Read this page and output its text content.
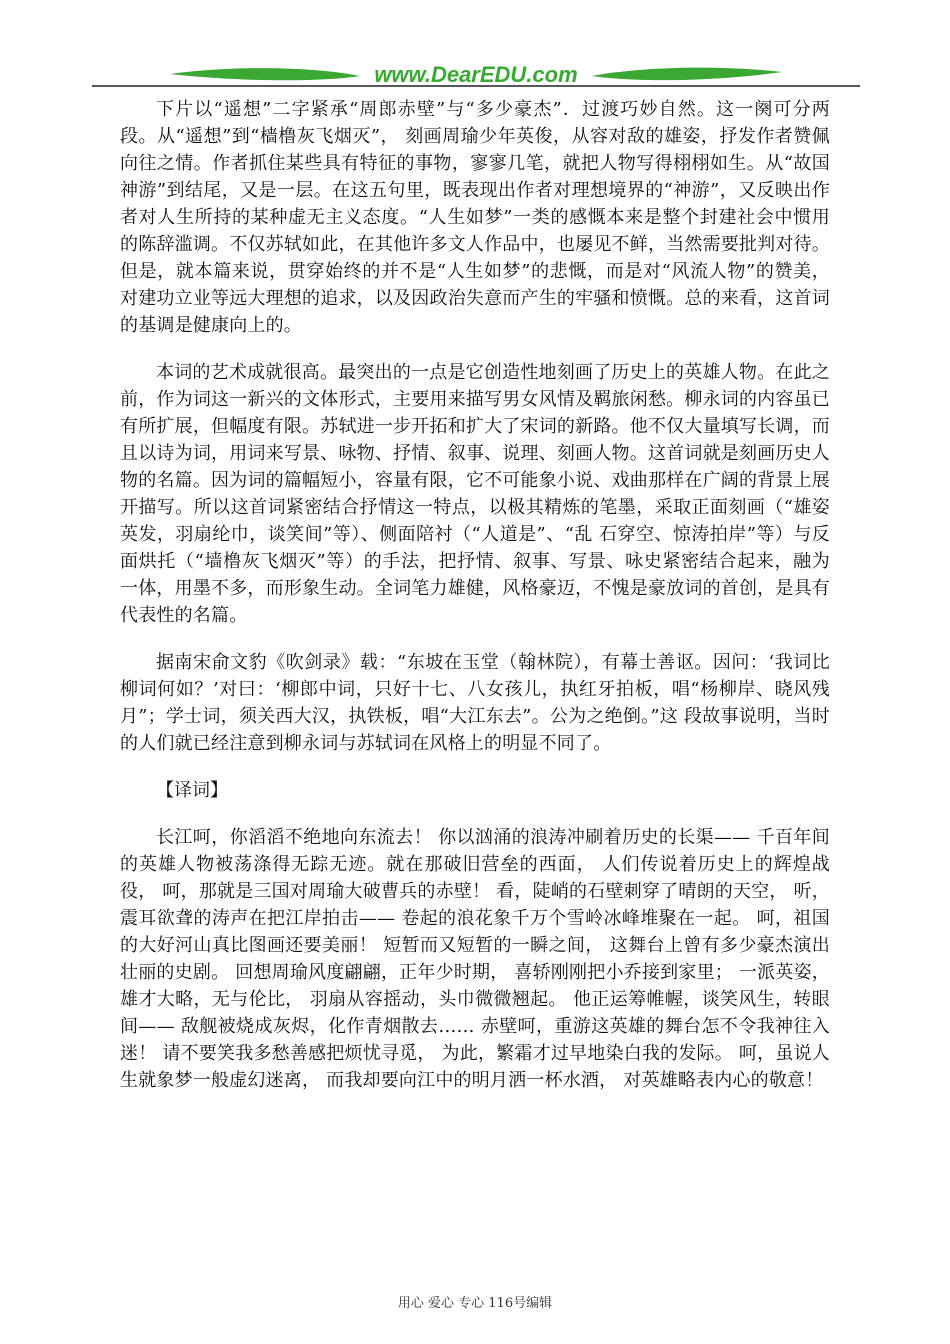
www.DearEDU.com

下片以“遥想”二字紧承“周郎赤壁”与“多少豪杰”．过渡巧妙自然。这一阕可分两段。从“遥想”到“樯橹灰飞烟灭”， 刻画周瑜少年英俊，从容对敌的雄姿，抒发作者赞佩向往之情。作者抓住某些具有特征的事物，寥寥几笔，就把人物写得栩栩如生。从“故国神游”到结尾，又是一层。在这五句里，既表现出作者对理想境界的“神游”，又反映出作者对人生所持的某种虚无主义态度。“人生如梦”一类的感慨本来是整个封建社会中惯用的陈辞滥调。不仅苏轼如此，在其他许多文人作品中，也屡见不鲜，当然需要批判对待。但是，就本篇来说，贯穿始终的并不是“人生如梦”的悲慨，而是对“风流人物”的赞美，对建功立业等远大理想的追求，以及因政治失意而产生的牢骚和愤慨。总的来看，这首词的基调是健康向上的。

本词的艺术成就很高。最突出的一点是它创造性地刻画了历史上的英雄人物。在此之前，作为词这一新兴的文体形式，主要用来描写男女风情及羁旅闲愁。柳永词的内容虽已有所扩展，但幅度有限。苏轼进一步开拓和扩大了宋词的新路。他不仅大量填写长调，而且以诗为词，用词来写景、咏物、抒情、叙事、说理、刻画人物。这首词就是刻画历史人物的名篇。因为词的篇幅短小，容量有限，它不可能象小说、戏曲那样在广阔的背景上展开描写。所以这首词紧密结合抒情这一特点，以极其精炼的笔墨，采取正面刻画（“雄姿英发，羽扇纶巾，谈笑间”等）、侧面陪衬（“人道是”、“乱 石穿空、惊涛拍岸”等）与反面烘托（“墙橹灰飞烟灭”等）的手法，把抒情、叙事、写景、咏史紧密结合起来，融为一体，用墨不多，而形象生动。全词笔力雄健，风格豪迈，不愧是豪放词的首创，是具有代表性的名篇。

据南宋俞文豹《吹剑录》载：“东坡在玉堂（翰林院），有幕士善讴。因问：‘我词比柳词何如？’对曰：‘柳郎中词，只好十七、八女孩儿，执红牙拍板，唱“杨柳岸、晓风残月”；学士词，须关西大汉，执铁板，唱“大江东去”。公为之绝倒。”这 段故事说明，当时的人们就已经注意到柳永词与苏轼词在风格上的明显不同了。

【译词】

长江呵，你滔滔不绝地向东流去！ 你以汹涌的浪涛冲刷着历史的长渠—— 千百年间的英雄人物被荡涤得无踪无迹。就在那破旧营垒的西面， 人们传说着历史上的辉煌战役， 呵，那就是三国对周瑜大破曹兵的赤壁！ 看，陡峭的石壁刺穿了晴朗的天空， 听，震耳欲聋的涛声在把江岸拍击—— 卷起的浪花象千万个雪岭冰峰堆聚在一起。 呵，祖国的大好河山真比图画还要美丽！ 短暂而又短暂的一瞬之间， 这舞台上曾有多少豪杰演出壮丽的史剧。 回想周瑜风度翩翩，正年少时期， 喜轿刚刚把小乔接到家里； 一派英姿，雄才大略，无与伦比， 羽扇从容摇动，头巾微微翘起。 他正运筹帷幄，谈笑风生，转眼间—— 敌舰被烧成灰烬，化作青烟散去…… 赤壁呵，重游这英雄的舞台怎不令我神往入迷！ 请不要笑我多愁善感把烦忧寻觅， 为此，繁霜才过早地染白我的发际。 呵，虽说人生就象梦一般虚幻迷离， 而我却要向江中的明月洒一杯水酒， 对英雄略表内心的敬意！

用心 爱心 专心 116号编辑
